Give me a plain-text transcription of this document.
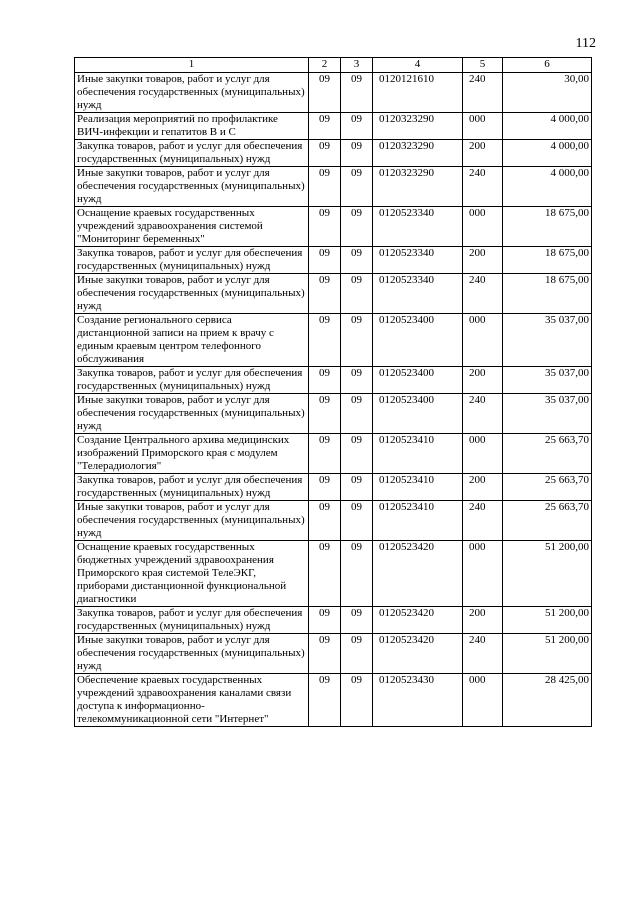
112
1	2	3	4	5	6
Иные закупки товаров, работ и услуг для обеспечения государственных (муниципальных) нужд	09	09	0120121610	240	30,00
Реализация мероприятий по профилактике ВИЧ-инфекции и гепатитов В и С	09	09	0120323290	000	4 000,00
Закупка товаров, работ и услуг для обеспечения государственных (муниципальных) нужд	09	09	0120323290	200	4 000,00
Иные закупки товаров, работ и услуг для обеспечения государственных (муниципальных) нужд	09	09	0120323290	240	4 000,00
Оснащение краевых государственных учреждений здравоохранения системой "Мониторинг беременных"	09	09	0120523340	000	18 675,00
Закупка товаров, работ и услуг для обеспечения государственных (муниципальных) нужд	09	09	0120523340	200	18 675,00
Иные закупки товаров, работ и услуг для обеспечения государственных (муниципальных) нужд	09	09	0120523340	240	18 675,00
Создание регионального сервиса дистанционной записи на прием к врачу с единым краевым центром телефонного обслуживания	09	09	0120523400	000	35 037,00
Закупка товаров, работ и услуг для обеспечения государственных (муниципальных) нужд	09	09	0120523400	200	35 037,00
Иные закупки товаров, работ и услуг для обеспечения государственных (муниципальных) нужд	09	09	0120523400	240	35 037,00
Создание Центрального архива медицинских изображений Приморского края с модулем "Телерадиология"	09	09	0120523410	000	25 663,70
Закупка товаров, работ и услуг для обеспечения государственных (муниципальных) нужд	09	09	0120523410	200	25 663,70
Иные закупки товаров, работ и услуг для обеспечения государственных (муниципальных) нужд	09	09	0120523410	240	25 663,70
Оснащение краевых государственных бюджетных учреждений здравоохранения Приморского края системой ТелеЭКГ, приборами дистанционной функциональной диагностики	09	09	0120523420	000	51 200,00
Закупка товаров, работ и услуг для обеспечения государственных (муниципальных) нужд	09	09	0120523420	200	51 200,00
Иные закупки товаров, работ и услуг для обеспечения государственных (муниципальных) нужд	09	09	0120523420	240	51 200,00
Обеспечение краевых государственных учреждений здравоохранения каналами связи доступа к информационно-телекоммуникационной сети "Интернет"	09	09	0120523430	000	28 425,00
